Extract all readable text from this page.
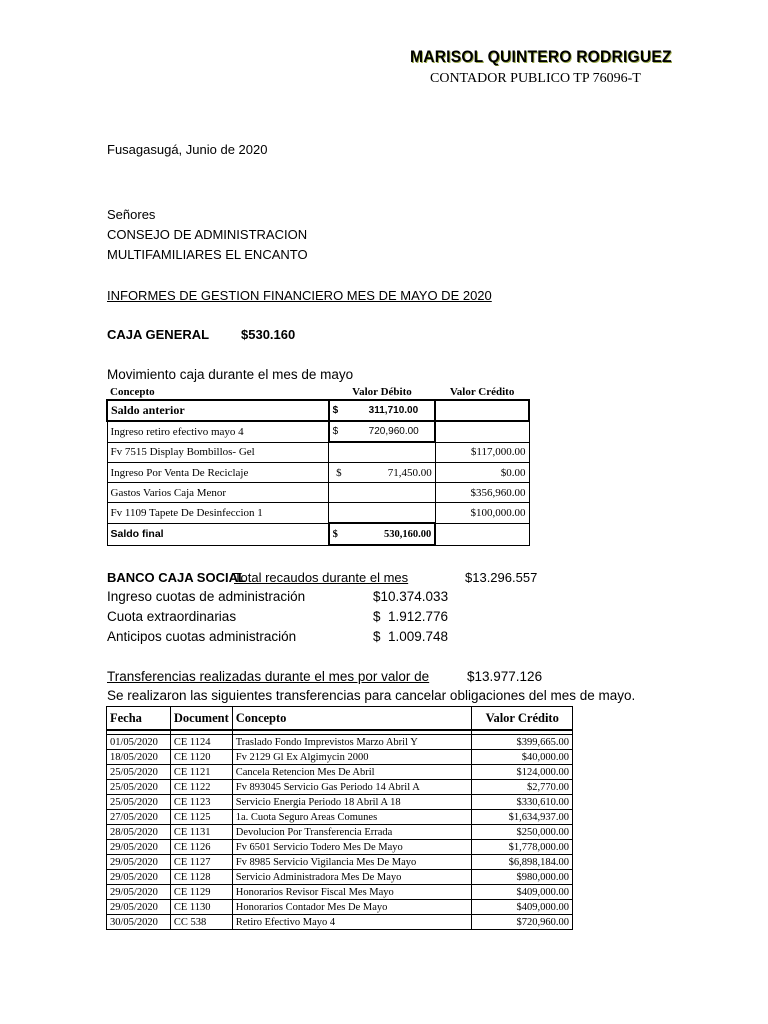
MARISOL QUINTERO RODRIGUEZ
CONTADOR PUBLICO TP 76096-T
Fusagasugá, Junio de 2020
Señores
CONSEJO DE ADMINISTRACION
MULTIFAMILIARES EL ENCANTO
INFORMES DE GESTION FINANCIERO MES DE MAYO DE 2020
CAJA GENERAL $530.160
Movimiento caja durante el mes de mayo
Concepto	Valor Débito	Valor Crédito
Saldo anterior	$ 311,710.00	
Ingreso retiro efectivo mayo 4	$ 720,960.00	
Fv 7515 Display Bombillos- Gel		$117,000.00
Ingreso Por Venta De Reciclaje	$ 71,450.00	$0.00
Gastos Varios Caja Menor		$356,960.00
Fv 1109 Tapete De Desinfeccion 1		$100,000.00
Saldo final	$ 530,160.00	

BANCO CAJA SOCIAL
Total recaudos durante el mes	$13.296.557
Ingreso cuotas de administración	$10.374.033
Cuota extraordinarias	$  1.912.776
Anticipos cuotas administración	$  1.009.748
Transferencias realizadas durante el mes por valor de	$13.977.126
Se realizaron las siguientes transferencias para cancelar obligaciones del mes de mayo.
Fecha	Document	Concepto	Valor Crédito

01/05/2020	CE 1124	Traslado Fondo Imprevistos Marzo Abril Y	$399,665.00
18/05/2020	CE 1120	Fv 2129 Gl Ex Algimycin 2000	$40,000.00
25/05/2020	CE 1121	Cancela Retencion Mes De Abril	$124,000.00
25/05/2020	CE 1122	Fv 893045 Servicio Gas Periodo 14 Abril A	$2,770.00
25/05/2020	CE 1123	Servicio Energia Periodo 18 Abril A 18	$330,610.00
27/05/2020	CE 1125	1a. Cuota Seguro Areas Comunes	$1,634,937.00
28/05/2020	CE 1131	Devolucion Por Transferencia Errada	$250,000.00
29/05/2020	CE 1126	Fv 6501 Servicio Todero Mes De Mayo	$1,778,000.00
29/05/2020	CE 1127	Fv 8985 Servicio Vigilancia Mes De Mayo	$6,898,184.00
29/05/2020	CE 1128	Servicio Administradora Mes De Mayo	$980,000.00
29/05/2020	CE 1129	Honorarios Revisor Fiscal Mes Mayo	$409,000.00
29/05/2020	CE 1130	Honorarios Contador Mes De Mayo	$409,000.00
30/05/2020	CC 538	Retiro Efectivo Mayo 4	$720,960.00
